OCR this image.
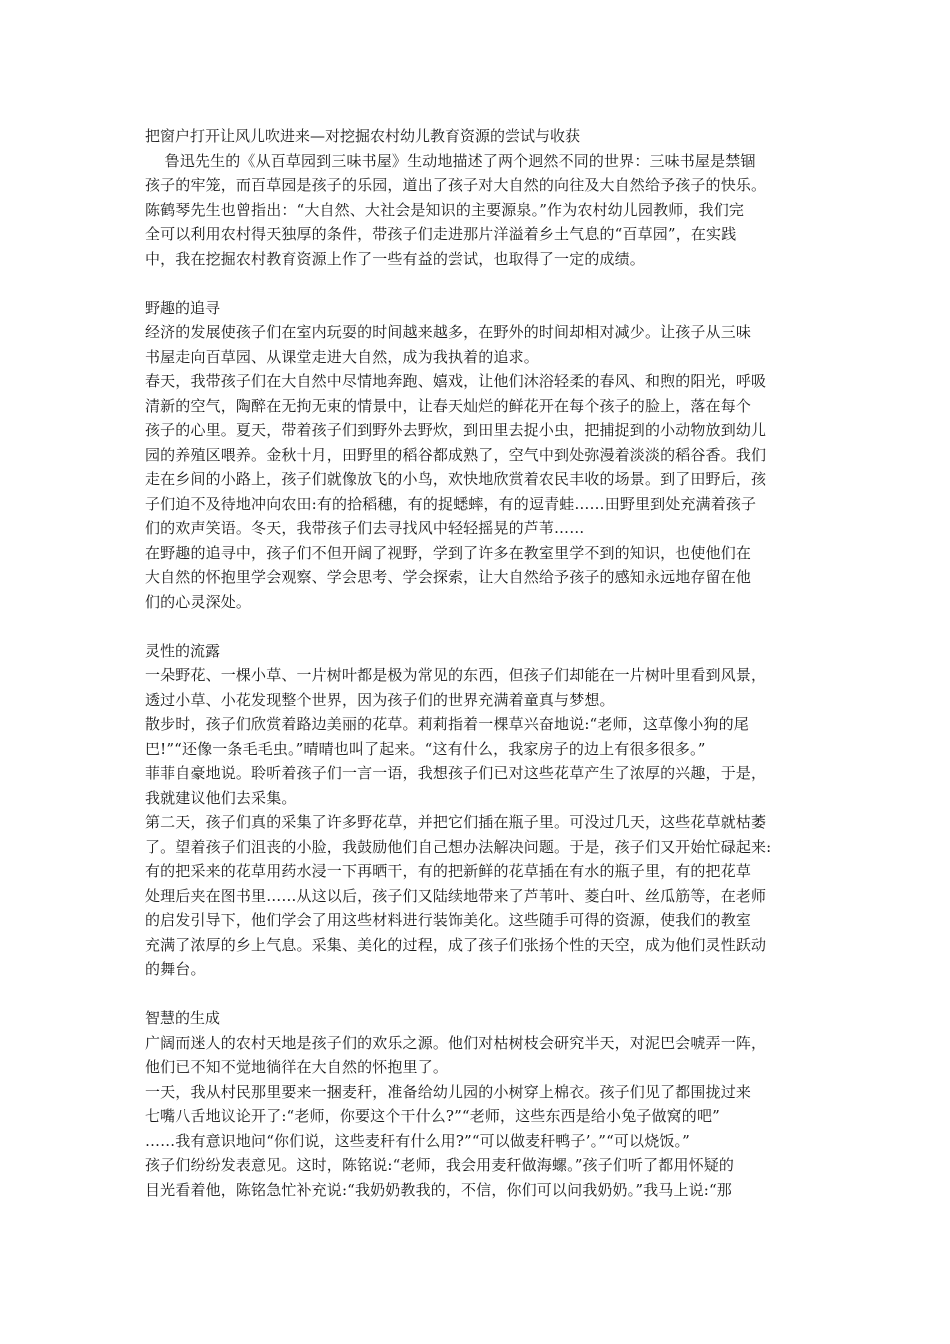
把窗户打开让风儿吹进来—对挖掘农村幼儿教育资源的尝试与收获
鲁迅先生的《从百草园到三味书屋》生动地描述了两个迥然不同的世界：三味书屋是禁锢
孩子的牢笼，而百草园是孩子的乐园，道出了孩子对大自然的向往及大自然给予孩子的快乐。
陈鹤琴先生也曾指出：“大自然、大社会是知识的主要源泉。”作为农村幼儿园教师，我们完
全可以利用农村得天独厚的条件，带孩子们走进那片洋溢着乡土气息的“百草园”，在实践
中，我在挖掘农村教育资源上作了一些有益的尝试，也取得了一定的成绩。
野趣的追寻
经济的发展使孩子们在室内玩耍的时间越来越多，在野外的时间却相对减少。让孩子从三味
书屋走向百草园、从课堂走进大自然，成为我执着的追求。
春天，我带孩子们在大自然中尽情地奔跑、嬉戏，让他们沐浴轻柔的春风、和煦的阳光，呼吸
清新的空气，陶醉在无拘无束的情景中，让春天灿烂的鲜花开在每个孩子的脸上，落在每个
孩子的心里。夏天，带着孩子们到野外去野炊，到田里去捉小虫，把捕捉到的小动物放到幼儿
园的养殖区喂养。金秋十月，田野里的稻谷都成熟了，空气中到处弥漫着淡淡的稻谷香。我们
走在乡间的小路上，孩子们就像放飞的小鸟，欢快地欣赏着农民丰收的场景。到了田野后，孩
子们迫不及待地冲向农田:有的拾稻穗，有的捉蟋蟀，有的逗青蛙……田野里到处充满着孩子
们的欢声笑语。冬天，我带孩子们去寻找风中轻轻摇晃的芦苇……
在野趣的追寻中，孩子们不但开阔了视野，学到了许多在教室里学不到的知识，也使他们在
大自然的怀抱里学会观察、学会思考、学会探索，让大自然给予孩子的感知永远地存留在他
们的心灵深处。
灵性的流露
一朵野花、一棵小草、一片树叶都是极为常见的东西，但孩子们却能在一片树叶里看到风景，
透过小草、小花发现整个世界，因为孩子们的世界充满着童真与梦想。
散步时，孩子们欣赏着路边美丽的花草。莉莉指着一棵草兴奋地说:“老师，这草像小狗的尾
巴!”“还像一条毛毛虫。”晴晴也叫了起来。“这有什么，我家房子的边上有很多很多。”
菲菲自豪地说。聆听着孩子们一言一语，我想孩子们已对这些花草产生了浓厚的兴趣，于是，
我就建议他们去采集。
第二天，孩子们真的采集了许多野花草，并把它们插在瓶子里。可没过几天，这些花草就枯萎
了。望着孩子们沮丧的小脸，我鼓励他们自己想办法解决问题。于是，孩子们又开始忙碌起来:
有的把采来的花草用药水浸一下再晒干，有的把新鲜的花草插在有水的瓶子里，有的把花草
处理后夹在图书里……从这以后，孩子们又陆续地带来了芦苇叶、菱白叶、丝瓜筋等，在老师
的启发引导下，他们学会了用这些材料进行装饰美化。这些随手可得的资源，使我们的教室
充满了浓厚的乡上气息。采集、美化的过程，成了孩子们张扬个性的天空，成为他们灵性跃动
的舞台。
智慧的生成
广阔而迷人的农村天地是孩子们的欢乐之源。他们对枯树枝会研究半天，对泥巴会唬弄一阵，
他们已不知不觉地徜徉在大自然的怀抱里了。
一天，我从村民那里要来一捆麦秆，准备给幼儿园的小树穿上棉衣。孩子们见了都围拢过来
七嘴八舌地议论开了:“老师，你要这个干什么?”“老师，这些东西是给小兔子做窝的吧”
……我有意识地问“你们说，这些麦秆有什么用?”“可以做麦秆鸭子’。”“可以烧饭。”
孩子们纷纷发表意见。这时，陈铭说:“老师，我会用麦秆做海螺。”孩子们听了都用怀疑的
目光看着他，陈铭急忙补充说:“我奶奶教我的，不信，你们可以问我奶奶。”我马上说:“那
